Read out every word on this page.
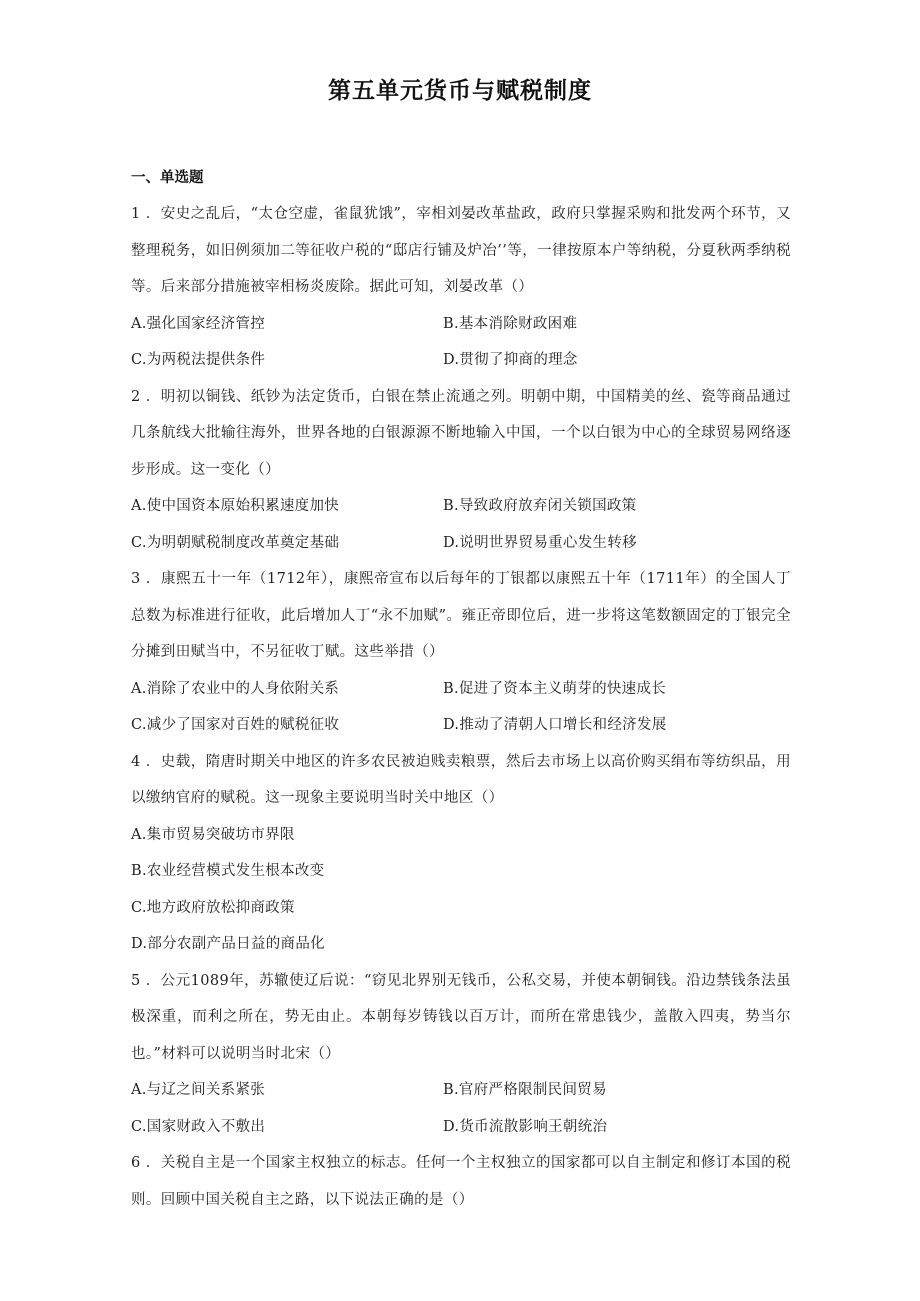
第五单元货币与赋税制度
一、单选题

1 ．安史之乱后，“太仓空虚，雀鼠犹饿”，宰相刘晏改革盐政，政府只掌握采购和批发两个环节，又整理税务，如旧例须加二等征收户税的“邸店行铺及炉冶’’等，一律按原本户等纳税，分夏秋两季纳税等。后来部分措施被宰相杨炎废除。据此可知，刘晏改革（）

A.强化国家经济管控	B.基本消除财政困难
C.为两税法提供条件	D.贯彻了抑商的理念

2 ．明初以铜钱、纸钞为法定货币，白银在禁止流通之列。明朝中期，中国精美的丝、瓷等商品通过几条航线大批输往海外，世界各地的白银源源不断地输入中国，一个以白银为中心的全球贸易网络逐步形成。这一变化（）

A.使中国资本原始积累速度加快	B.导致政府放弃闭关锁国政策
C.为明朝赋税制度改革奠定基础	D.说明世界贸易重心发生转移

3 ．康熙五十一年（1712年），康熙帝宣布以后每年的丁银都以康熙五十年（1711年）的全国人丁总数为标准进行征收，此后增加人丁“永不加赋”。雍正帝即位后，进一步将这笔数额固定的丁银完全分摊到田赋当中，不另征收丁赋。这些举措（）

A.消除了农业中的人身依附关系	B.促进了资本主义萌芽的快速成长
C.减少了国家对百姓的赋税征收	D.推动了清朝人口增长和经济发展

4 ．史载，隋唐时期关中地区的许多农民被迫贱卖粮票，然后去市场上以高价购买绢布等纺织品，用以缴纳官府的赋税。这一现象主要说明当时关中地区（）

A.集市贸易突破坊市界限
B.农业经营模式发生根本改变
C.地方政府放松抑商政策
D.部分农副产品日益的商品化

5 ．公元1089年，苏辙使辽后说：“窃见北界别无钱币，公私交易，并使本朝铜钱。沿边禁钱条法虽极深重，而利之所在，势无由止。本朝每岁铸钱以百万计，而所在常患钱少，盖散入四夷，势当尔也。”材料可以说明当时北宋（）

A.与辽之间关系紧张	B.官府严格限制民间贸易
C.国家财政入不敷出	D.货币流散影响王朝统治

6 ．关税自主是一个国家主权独立的标志。任何一个主权独立的国家都可以自主制定和修订本国的税则。回顾中国关税自主之路，以下说法正确的是（）
